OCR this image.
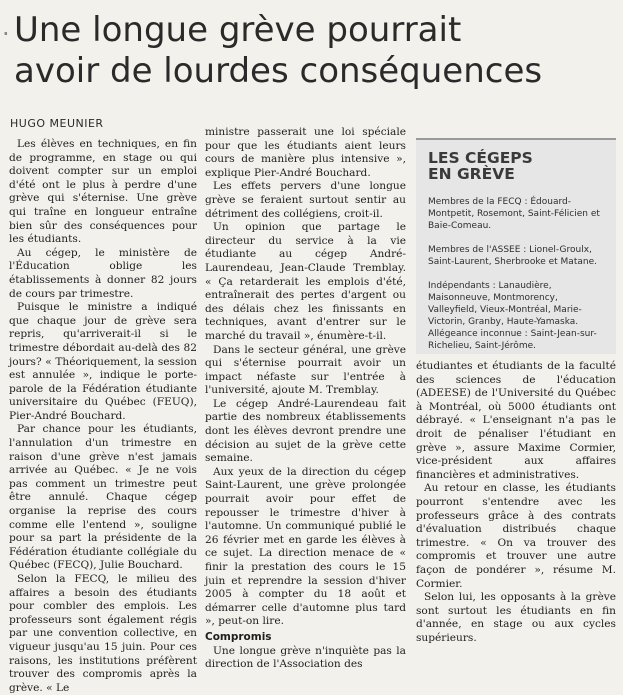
· Une longue grève pourrait
avoir de lourdes conséquences
HUGO MEUNIER

Les élèves en techniques, en fin de programme, en stage ou qui doivent compter sur un emploi d'été ont le plus à perdre d'une grève qui s'éternise. Une grève qui traîne en longueur entraîne bien sûr des conséquences pour les étudiants.

Au cégep, le ministère de l'Éducation oblige les établissements à donner 82 jours de cours par trimestre.

Puisque le ministre a indiqué que chaque jour de grève sera repris, qu'arriverait-il si le trimestre débordait au-delà des 82 jours? « Théoriquement, la session est annulée », indique le porte-parole de la Fédération étudiante universitaire du Québec (FEUQ), Pier-André Bouchard.

Par chance pour les étudiants, l'annulation d'un trimestre en raison d'une grève n'est jamais arrivée au Québec. « Je ne vois pas comment un trimestre peut être annulé. Chaque cégep organise la reprise des cours comme elle l'entend », souligne pour sa part la présidente de la Fédération étudiante collégiale du Québec (FECQ), Julie Bouchard.

Selon la FECQ, le milieu des affaires a besoin des étudiants pour combler des emplois. Les professeurs sont également régis par une convention collective, en vigueur jusqu'au 15 juin. Pour ces raisons, les institutions préfèrent trouver des compromis après la grève. « Le

ministre passerait une loi spéciale pour que les étudiants aient leurs cours de manière plus intensive », explique Pier-André Bouchard.

Les effets pervers d'une longue grève se feraient surtout sentir au détriment des collégiens, croit-il.

Un opinion que partage le directeur du service à la vie étudiante au cégep André-Laurendeau, Jean-Claude Tremblay. « Ça retarderait les emplois d'été, entraînerait des pertes d'argent ou des délais chez les finissants en techniques, avant d'entrer sur le marché du travail », énumère-t-il.

Dans le secteur général, une grève qui s'éternise pourrait avoir un impact néfaste sur l'entrée à l'université, ajoute M. Tremblay.

Le cégep André-Laurendeau fait partie des nombreux établissements dont les élèves devront prendre une décision au sujet de la grève cette semaine.

Aux yeux de la direction du cégep Saint-Laurent, une grève prolongée pourrait avoir pour effet de repousser le trimestre d'hiver à l'automne. Un communiqué publié le 26 février met en garde les élèves à ce sujet. La direction menace de « finir la prestation des cours le 15 juin et reprendre la session d'hiver 2005 à compter du 18 août et démarrer celle d'automne plus tard », peut-on lire.

Compromis

Une longue grève n'inquiète pas la direction de l'Association des

LES CÉGEPS
EN GRÈVE
Membres de la FECQ : Édouard-Montpetit, Rosemont, Saint-Félicien et Baie-Comeau.
Membres de l'ASSEE : Lionel-Groulx, Saint-Laurent, Sherbrooke et Matane.
Indépendants : Lanaudière, Maisonneuve, Montmorency, Valleyfield, Vieux-Montréal, Marie-Victorin, Granby, Haute-Yamaska.
Allégeance inconnue : Saint-Jean-sur-Richelieu, Saint-Jérôme.

étudiantes et étudiants de la faculté des sciences de l'éducation (ADEESE) de l'Université du Québec à Montréal, où 5000 étudiants ont débrayé. « L'enseignant n'a pas le droit de pénaliser l'étudiant en grève », assure Maxime Cormier, vice-président aux affaires financières et administratives.

Au retour en classe, les étudiants pourront s'entendre avec les professeurs grâce à des contrats d'évaluation distribués chaque trimestre. « On va trouver des compromis et trouver une autre façon de pondérer », résume M. Cormier.

Selon lui, les opposants à la grève sont surtout les étudiants en fin d'année, en stage ou aux cycles supérieurs.
